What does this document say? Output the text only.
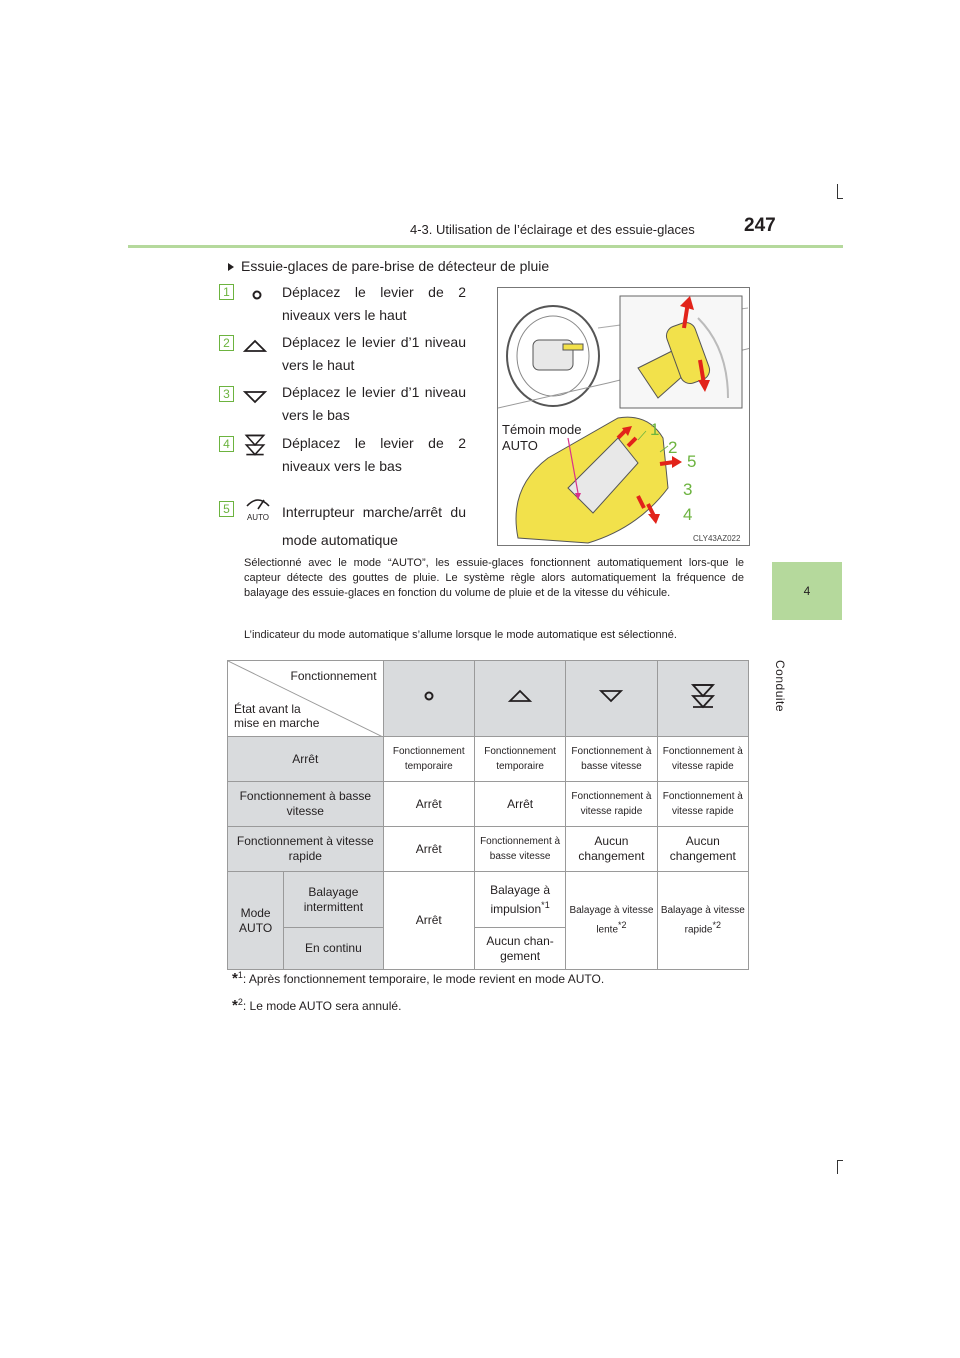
4-3. Utilisation de l’éclairage et des essuie-glaces	247
4
Conduite
Essuie-glaces de pare-brise de détecteur de pluie
1	Déplacez le levier de 2 niveaux vers le haut
2	Déplacez le levier d’1 niveau vers le haut
3	Déplacez le levier d’1 niveau vers le bas
4	Déplacez le levier de 2 niveaux vers le bas
5
AUTO Interrupteur marche/arrêt du mode automatique
Témoin mode AUTO
CLY43AZ022
1
2
5
3
4
Sélectionné avec le mode “AUTO”, les essuie-glaces fonctionnent automatiquement lors-que le capteur détecte des gouttes de pluie. Le système règle alors automatiquement la fréquence de balayage des essuie-glaces en fonction du volume de pluie et de la vitesse du véhicule.
L’indicateur du mode automatique s’allume lorsque le mode automatique est sélectionné.
Fonctionnement
État avant la mise en marche

Arrêt		Fonctionnement temporaire	Fonctionnement temporaire	Fonctionnement à basse vitesse	Fonctionnement à vitesse rapide
Fonctionnement à basse vitesse		Arrêt	Arrêt	Fonctionnement à vitesse rapide	Fonctionnement à vitesse rapide
Fonctionnement à vitesse rapide		Arrêt	Fonctionnement à basse vitesse	Aucun changement	Aucun changement
Mode AUTO	Balayage intermittent	Arrêt	Balayage à impulsion$^{*1}$	Balayage à vitesse lente$^{*2}$	Balayage à vitesse rapide$^{*2}$
	En continu		Aucun chan- gement		
*$^1$: Après fonctionnement temporaire, le mode revient en mode AUTO.
*$^2$: Le mode AUTO sera annulé.
